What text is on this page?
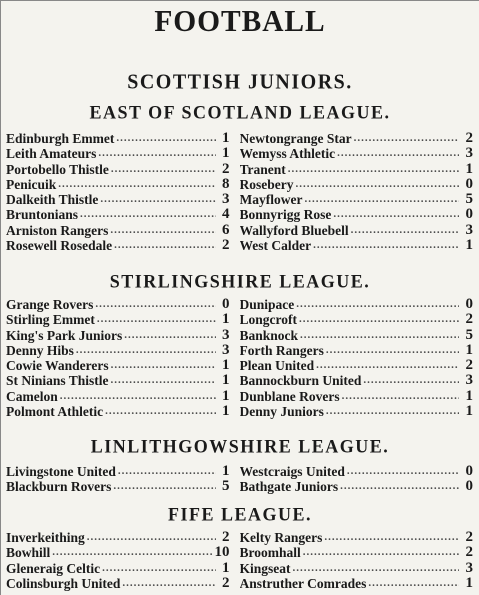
FOOTBALL
SCOTTISH JUNIORS.
EAST OF SCOTLAND LEAGUE.
Edinburgh Emmet .....	1 Newtongrange Star .....	2
Leith Amateurs .....	1 Wemyss Athletic .....	3
Portobello Thistle .....	2 Tranent .....	1
Penicuik .....	8 Rosebery .....	0
Dalkeith Thistle .....	3 Mayflower .....	5
Bruntonians .....	4 Bonnyrigg Rose .....	0
Arniston Rangers .....	6 Wallyford Bluebell .....	3
Rosewell Rosedale .....	2 West Calder .....	1
STIRLINGSHIRE LEAGUE.
Grange Rovers .....	0 Dunipace .....	0
Stirling Emmet .....	1 Longcroft .....	2
King's Park Juniors .....	3 Banknock .....	5
Denny Hibs .....	3 Forth Rangers .....	1
Cowie Wanderers .....	1 Plean United .....	2
St Ninians Thistle .....	1 Bannockburn United .....	3
Camelon .....	1 Dunblane Rovers .....	1
Polmont Athletic .....	1 Denny Juniors .....	1
LINLITHGOWSHIRE LEAGUE.
Livingstone United .....	1 Westcraigs United .....	0
Blackburn Rovers .....	5 Bathgate Juniors .....	0
FIFE LEAGUE.
Inverkeithing .....	2 Kelty Rangers .....	2
Bowhill .....	10 Broomhall .....	2
Gleneraig Celtic .....	1 Kingseat .....	3
Colinsburgh United .....	2 Anstruther Comrades .....	1
